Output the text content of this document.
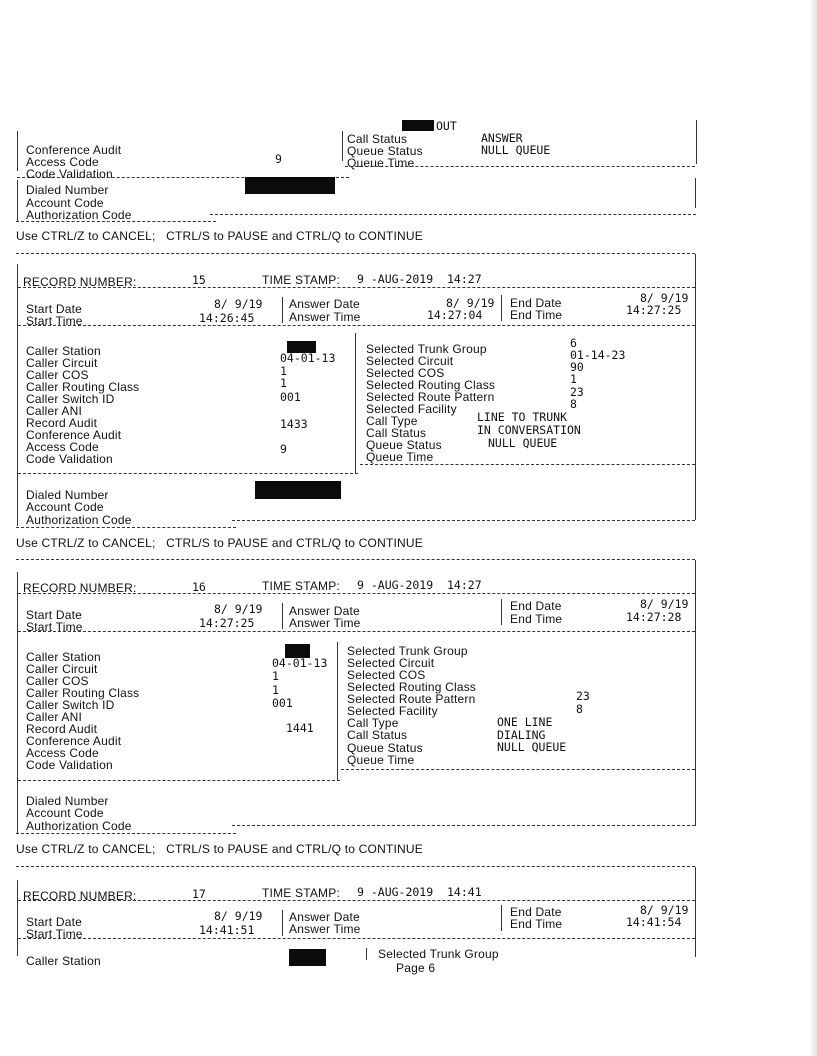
OUT
Call Status	ANSWER
Conference Audit	Queue Status	NULL QUEUE
Access Code	9	Queue Time
Code Validation
Dialed Number
Account Code
Authorization Code
Use CTRL/Z to CANCEL;   CTRL/S to PAUSE and CTRL/Q to CONTINUE
RECORD NUMBER:	15	TIME STAMP: 9 -AUG-2019  14:27
Start Date	8/ 9/19 Answer Date	8/ 9/19 End Date	8/ 9/19
Start Time	14:26:45	Answer Time	14:27:04 End Time	14:27:25
Caller Station	Selected Trunk Group	6
Caller Circuit	04-01-13	Selected Circuit	01-14-23
Caller COS	1	Selected COS	90
Caller Routing Class	1	Selected Routing Class	1
Caller Switch ID	001	Selected Route Pattern	23
Caller ANI	Selected Facility	8
Record Audit	1433	Call Type	LINE TO TRUNK
Conference Audit	Call Status	IN CONVERSATION
Access Code	9	Queue Status	NULL QUEUE
Code Validation	Queue Time
Dialed Number
Account Code
Authorization Code
Use CTRL/Z to CANCEL;   CTRL/S to PAUSE and CTRL/Q to CONTINUE
RECORD NUMBER:	16	TIME STAMP: 9 -AUG-2019  14:27
Start Date	8/ 9/19 Answer Date	End Date	8/ 9/19
Start Time	14:27:25	Answer Time	End Time	14:27:28
Caller Station	Selected Trunk Group
Caller Circuit	04-01-13 Selected Circuit
Caller COS	1	Selected COS
Caller Routing Class	1	Selected Routing Class
Caller Switch ID	001	Selected Route Pattern	23
Caller ANI	Selected Facility	8
Record Audit	1441	Call Type	ONE LINE
Conference Audit	Call Status	DIALING
Access Code	Queue Status	NULL QUEUE
Code Validation	Queue Time
Dialed Number
Account Code
Authorization Code
Use CTRL/Z to CANCEL;   CTRL/S to PAUSE and CTRL/Q to CONTINUE
RECORD NUMBER:	17	TIME STAMP: 9 -AUG-2019  14:41
Start Date	8/ 9/19 Answer Date	End Date	8/ 9/19
Start Time	14:41:51	Answer Time	End Time	14:41:54
Caller Station	Selected Trunk Group
Page 6
